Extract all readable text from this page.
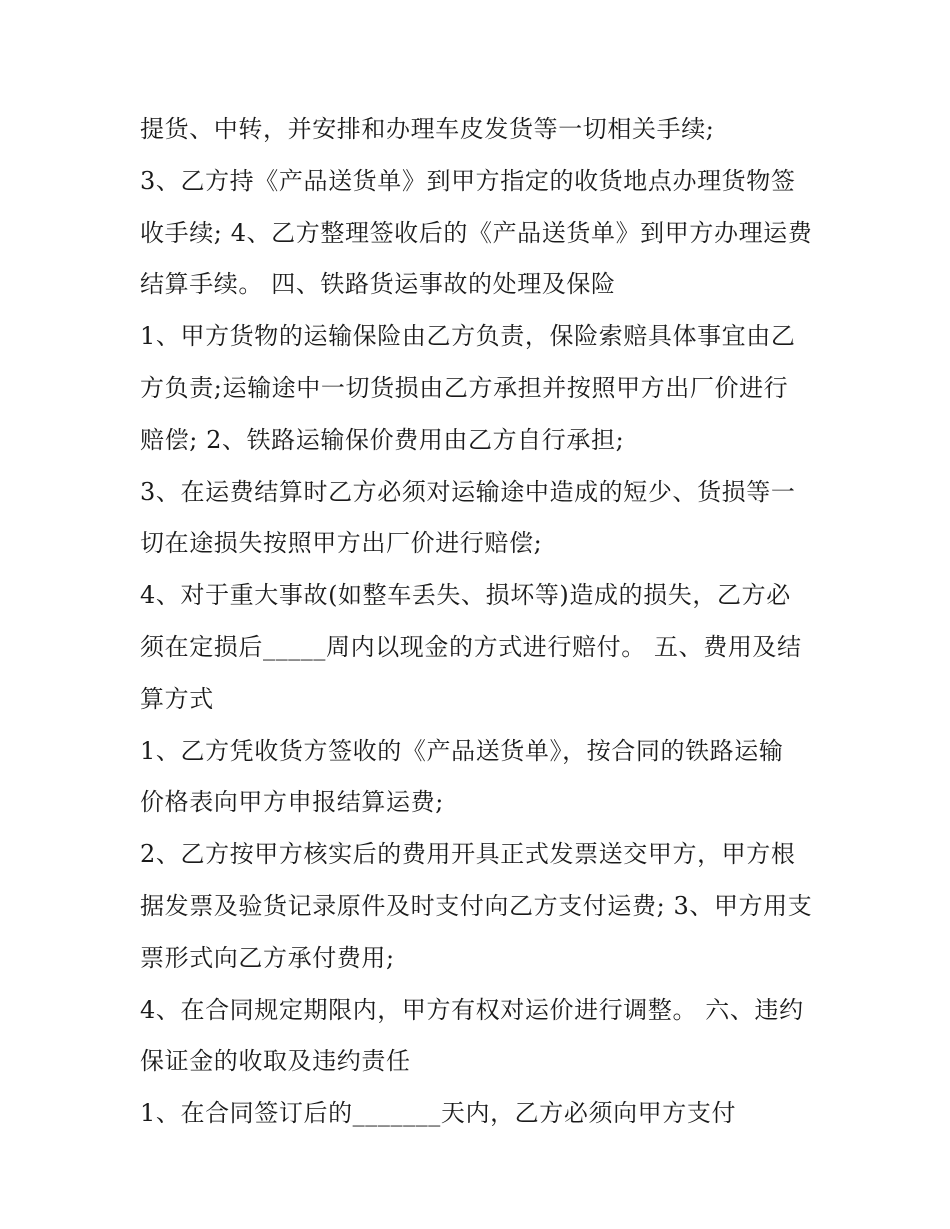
提货、中转，并安排和办理车皮发货等一切相关手续;
3、乙方持《产品送货单》到甲方指定的收货地点办理货物签
收手续; 4、乙方整理签收后的《产品送货单》到甲方办理运费
结算手续。 四、铁路货运事故的处理及保险
1、甲方货物的运输保险由乙方负责，保险索赔具体事宜由乙
方负责;运输途中一切货损由乙方承担并按照甲方出厂价进行
赔偿; 2、铁路运输保价费用由乙方自行承担;
3、在运费结算时乙方必须对运输途中造成的短少、货损等一
切在途损失按照甲方出厂价进行赔偿;
4、对于重大事故(如整车丢失、损坏等)造成的损失，乙方必
须在定损后_____周内以现金的方式进行赔付。 五、费用及结
算方式
1、乙方凭收货方签收的《产品送货单》，按合同的铁路运输
价格表向甲方申报结算运费;
2、乙方按甲方核实后的费用开具正式发票送交甲方，甲方根
据发票及验货记录原件及时支付向乙方支付运费; 3、甲方用支
票形式向乙方承付费用;
4、在合同规定期限内，甲方有权对运价进行调整。 六、违约
保证金的收取及违约责任
1、在合同签订后的_______天内，乙方必须向甲方支付
